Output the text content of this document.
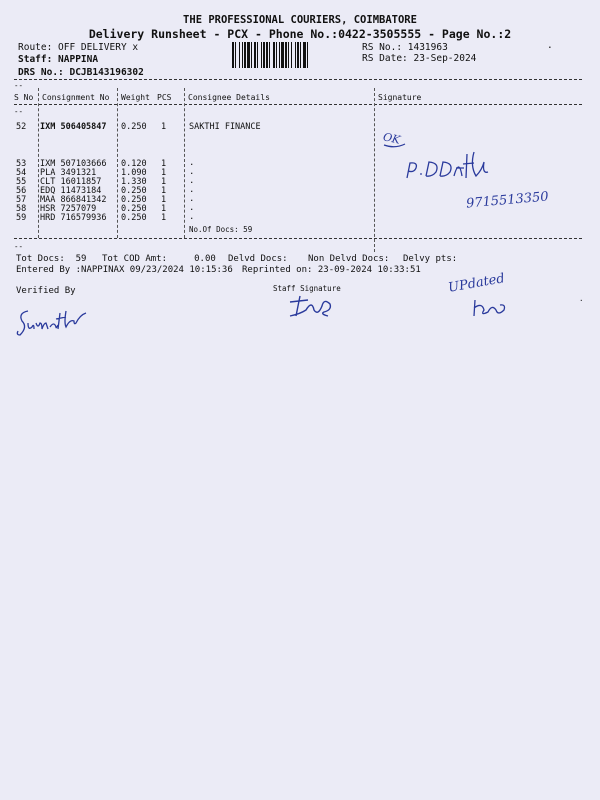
THE PROFESSIONAL COURIERS, COIMBATORE
Delivery Runsheet - PCX - Phone No.:0422-3505555 - Page No.:2
Route: OFF DELIVERY x
Staff: NAPPINA
DRS No.: DCJB143196302
RS No.: 1431963
RS Date: 23-Sep-2024
.
--
S No Consignment No Weight PCS Consignee Details	Signature
--
52 IXM 506405847 0.250 1	SAKTHI FINANCE
53 IXM 507103666 0.120 1	.
54 PLA 3491321	1.090 1	.
55 CLT 16011857 1.330 1	.
56 EDQ 11473184 0.250 1	.
57 MAA 866841342 0.250 1	.
58 HSR 7257079	0.250 1	.
59 HRD 716579936 0.250 1	.
No.Of Docs: 59
--
Tot Docs:  59 Tot COD Amt:     0.00 Delvd Docs: Non Delvd Docs: Delvy pts:
Entered By :NAPPINAX 09/23/2024 10:15:36 Reprinted on: 23-09-2024 10:33:51
Verified By	Staff Signature
.
OK
9715513350
UPdated
